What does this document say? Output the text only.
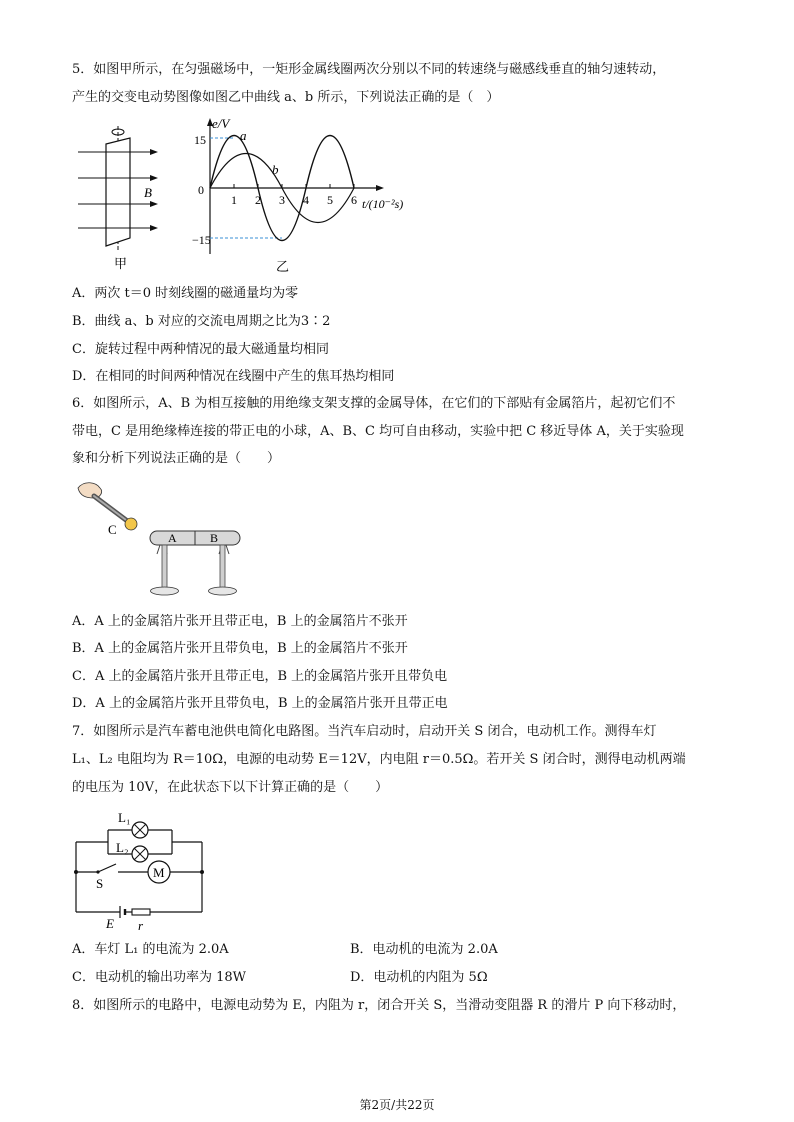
5．如图甲所示，在匀强磁场中，一矩形金属线圈两次分别以不同的转速绕与磁感线垂直的轴匀速转动，
产生的交变电动势图像如图乙中曲线 a、b 所示，下列说法正确的是（　）
B
甲
e/V
a
b
15
−15
0
1 2 3 4 5 6 t/(10⁻²s)
乙
A．两次 t＝0 时刻线圈的磁通量均为零
B．曲线 a、b 对应的交流电周期之比为3∶2
C．旋转过程中两种情况的最大磁通量均相同
D．在相同的时间两种情况在线圈中产生的焦耳热均相同
6．如图所示，A、B 为相互接触的用绝缘支架支撑的金属导体，在它们的下部贴有金属箔片，起初它们不
带电，C 是用绝缘棒连接的带正电的小球，A、B、C 均可自由移动，实验中把 C 移近导体 A，关于实验现
象和分析下列说法正确的是（　　）
C
A	B
A．A 上的金属箔片张开且带正电，B 上的金属箔片不张开
B．A 上的金属箔片张开且带负电，B 上的金属箔片不张开
C．A 上的金属箔片张开且带正电，B 上的金属箔片张开且带负电
D．A 上的金属箔片张开且带负电，B 上的金属箔片张开且带正电
7．如图所示是汽车蓄电池供电简化电路图。当汽车启动时，启动开关 S 闭合，电动机工作。测得车灯
L₁、L₂ 电阻均为 R＝10Ω，电源的电动势 E＝12V，内电阻 r＝0.5Ω。若开关 S 闭合时，测得电动机两端
的电压为 10V，在此状态下以下计算正确的是（　　）
M
L₁
L₂
S
E r
A．车灯 L₁ 的电流为 2.0A	B．电动机的电流为 2.0A
C．电动机的输出功率为 18W	D．电动机的内阻为 5Ω
8．如图所示的电路中，电源电动势为 E，内阻为 r，闭合开关 S，当滑动变阻器 R 的滑片 P 向下移动时，
第2页/共22页
